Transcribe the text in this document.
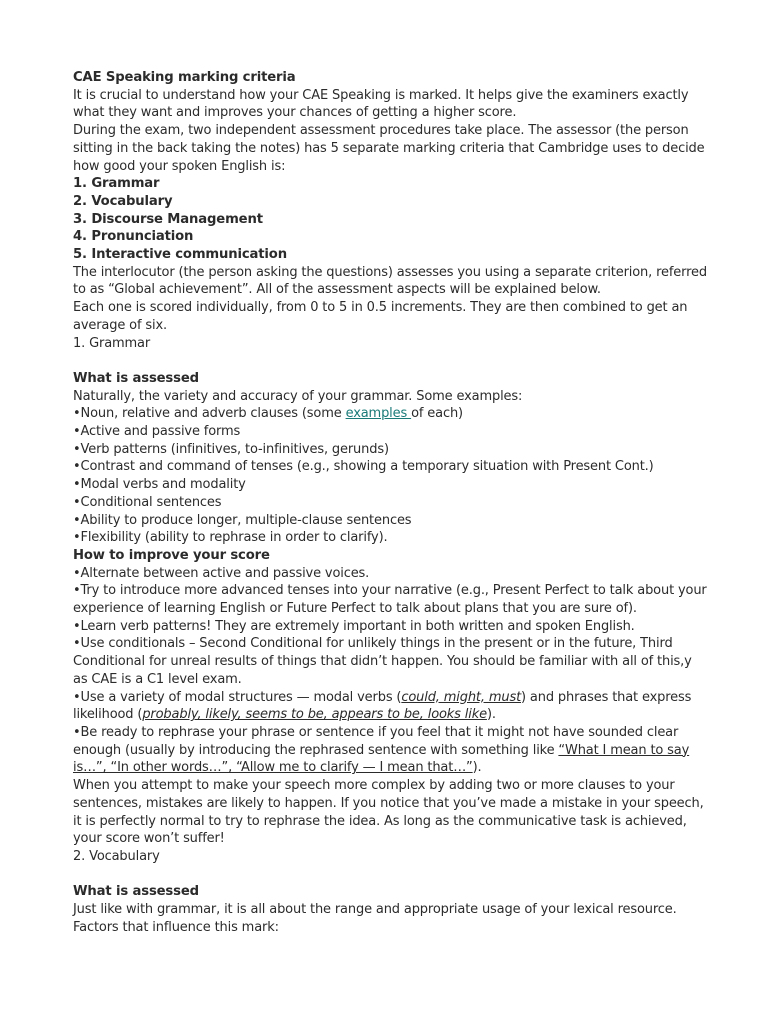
CAE Speaking marking criteria
It is crucial to understand how your CAE Speaking is marked. It helps give the examiners exactly
what they want and improves your chances of getting a higher score.
During the exam, two independent assessment procedures take place. The assessor (the person
sitting in the back taking the notes) has 5 separate marking criteria that Cambridge uses to decide
how good your spoken English is:
1. Grammar
2. Vocabulary
3. Discourse Management
4. Pronunciation
5. Interactive communication
The interlocutor (the person asking the questions) assesses you using a separate criterion, referred
to as “Global achievement”. All of the assessment aspects will be explained below.
Each one is scored individually, from 0 to 5 in 0.5 increments. They are then combined to get an
average of six.
1. Grammar
What is assessed
Naturally, the variety and accuracy of your grammar. Some examples:
•Noun, relative and adverb clauses (some examples of each)
•Active and passive forms
•Verb patterns (infinitives, to-infinitives, gerunds)
•Contrast and command of tenses (e.g., showing a temporary situation with Present Cont.)
•Modal verbs and modality
•Conditional sentences
•Ability to produce longer, multiple-clause sentences
•Flexibility (ability to rephrase in order to clarify).
How to improve your score
•Alternate between active and passive voices.
•Try to introduce more advanced tenses into your narrative (e.g., Present Perfect to talk about your
experience of learning English or Future Perfect to talk about plans that you are sure of).
•Learn verb patterns! They are extremely important in both written and spoken English.
•Use conditionals – Second Conditional for unlikely things in the present or in the future, Third
Conditional for unreal results of things that didn’t happen. You should be familiar with all of this,y
as CAE is a C1 level exam.
•Use a variety of modal structures — modal verbs (could, might, must) and phrases that express
likelihood (probably, likely, seems to be, appears to be, looks like).
•Be ready to rephrase your phrase or sentence if you feel that it might not have sounded clear
enough (usually by introducing the rephrased sentence with something like “What I mean to say
is…”, “In other words…”, “Allow me to clarify — I mean that…”).
When you attempt to make your speech more complex by adding two or more clauses to your
sentences, mistakes are likely to happen. If you notice that you’ve made a mistake in your speech,
it is perfectly normal to try to rephrase the idea. As long as the communicative task is achieved,
your score won’t suffer!
2. Vocabulary
What is assessed
Just like with grammar, it is all about the range and appropriate usage of your lexical resource.
Factors that influence this mark:
